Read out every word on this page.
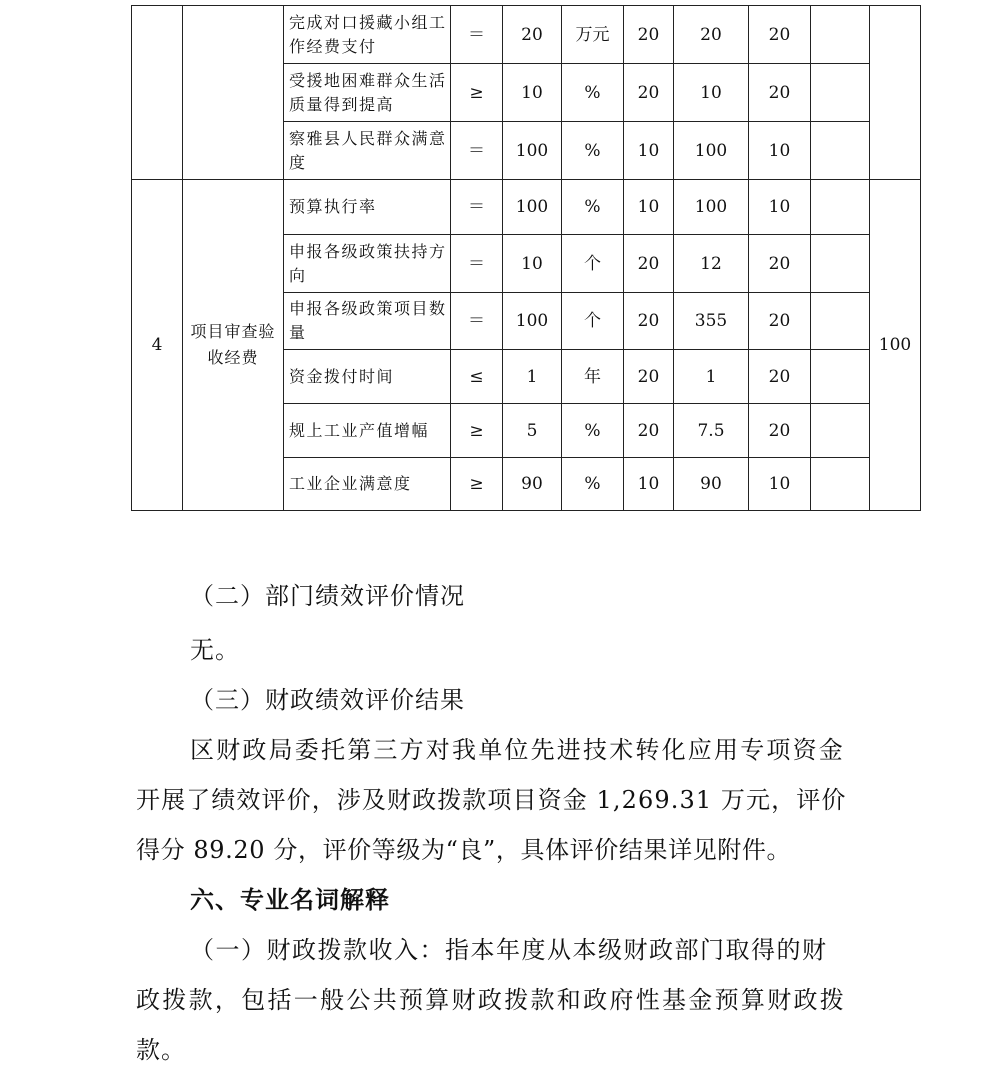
		完成对口援藏小组工作经费支付	＝	20	万元	20	20	20		
		受援地困难群众生活质量得到提高	≥	10	%	20	10	20		
		察雅县人民群众满意度	＝	100	%	10	100	10		
4	项目审查验收经费	预算执行率	＝	100	%	10	100	10		100
		申报各级政策扶持方向	＝	10	个	20	12	20		
		申报各级政策项目数量	＝	100	个	20	355	20		
		资金拨付时间	≤	1	年	20	1	20		
		规上工业产值增幅	≥	5	%	20	7.5	20		
		工业企业满意度	≥	90	%	10	90	10		
（二）部门绩效评价情况
无。
（三）财政绩效评价结果
区财政局委托第三方对我单位先进技术转化应用专项资金
开展了绩效评价，涉及财政拨款项目资金 1,269.31 万元，评价
得分 89.20 分，评价等级为“良”，具体评价结果详见附件。
六、专业名词解释
（一）财政拨款收入：指本年度从本级财政部门取得的财
政拨款，包括一般公共预算财政拨款和政府性基金预算财政拨
款。
